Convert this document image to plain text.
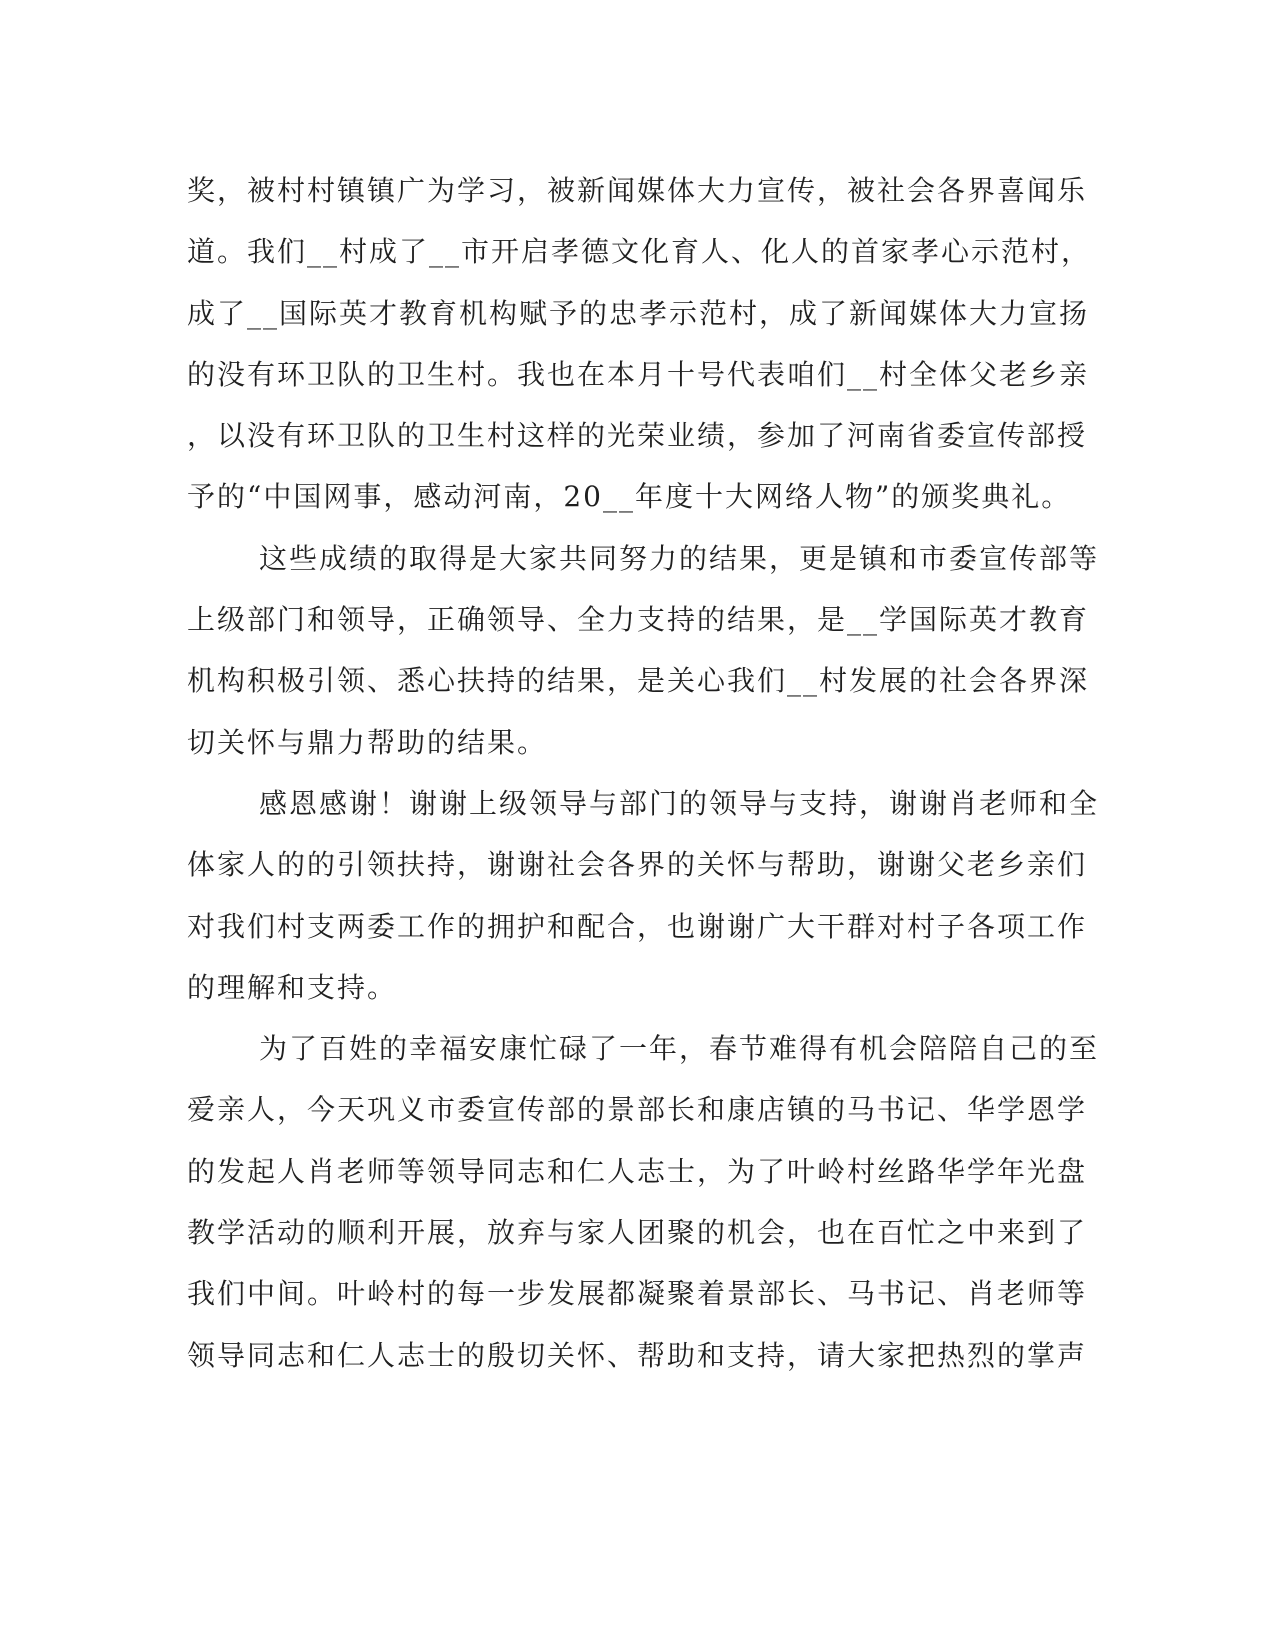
奖，被村村镇镇广为学习，被新闻媒体大力宣传，被社会各界喜闻乐
道。我们__村成了__市开启孝德文化育人、化人的首家孝心示范村，
成了__国际英才教育机构赋予的忠孝示范村，成了新闻媒体大力宣扬
的没有环卫队的卫生村。我也在本月十号代表咱们__村全体父老乡亲
，以没有环卫队的卫生村这样的光荣业绩，参加了河南省委宣传部授
予的“中国网事，感动河南，20__年度十大网络人物”的颁奖典礼。
这些成绩的取得是大家共同努力的结果，更是镇和市委宣传部等
上级部门和领导，正确领导、全力支持的结果，是__学国际英才教育
机构积极引领、悉心扶持的结果，是关心我们__村发展的社会各界深
切关怀与鼎力帮助的结果。
感恩感谢！谢谢上级领导与部门的领导与支持，谢谢肖老师和全
体家人的的引领扶持，谢谢社会各界的关怀与帮助，谢谢父老乡亲们
对我们村支两委工作的拥护和配合，也谢谢广大干群对村子各项工作
的理解和支持。
为了百姓的幸福安康忙碌了一年，春节难得有机会陪陪自己的至
爱亲人，今天巩义市委宣传部的景部长和康店镇的马书记、华学恩学
的发起人肖老师等领导同志和仁人志士，为了叶岭村丝路华学年光盘
教学活动的顺利开展，放弃与家人团聚的机会，也在百忙之中来到了
我们中间。叶岭村的每一步发展都凝聚着景部长、马书记、肖老师等
领导同志和仁人志士的殷切关怀、帮助和支持，请大家把热烈的掌声
